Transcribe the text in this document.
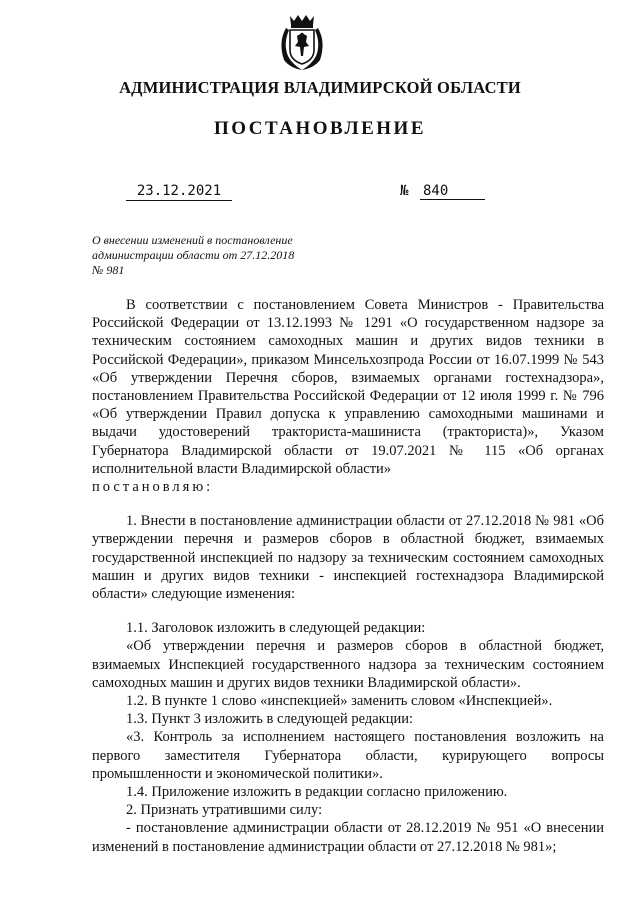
АДМИНИСТРАЦИЯ ВЛАДИМИРСКОЙ ОБЛАСТИ
ПОСТАНОВЛЕНИЕ
23.12.2021	№ 840
О внесении изменений в постановление
администрации области от 27.12.2018
№ 981

В соответствии с постановлением Совета Министров - Правительства Российской Федерации от 13.12.1993 № 1291 «О государственном надзоре за техническим состоянием самоходных машин и других видов техники в Российской Федерации», приказом Минсельхозпрода России от 16.07.1999 № 543 «Об утверждении Перечня сборов, взимаемых органами гостехнадзора», постановлением Правительства Российской Федерации от 12 июля 1999 г. № 796 «Об утверждении Правил допуска к управлению самоходными машинами и выдачи удостоверений тракториста-машиниста (тракториста)», Указом Губернатора Владимирской области от 19.07.2021 № 115 «Об органах исполнительной власти Владимирской области»

постановляю:

1. Внести в постановление администрации области от 27.12.2018 № 981 «Об утверждении перечня и размеров сборов в областной бюджет, взимаемых государственной инспекцией по надзору за техническим состоянием самоходных машин и других видов техники - инспекцией гостехнадзора Владимирской области» следующие изменения:

1.1. Заголовок изложить в следующей редакции:

«Об утверждении перечня и размеров сборов в областной бюджет, взимаемых Инспекцией государственного надзора за техническим состоянием самоходных машин и других видов техники Владимирской области».

1.2. В пункте 1 слово «инспекцией» заменить словом «Инспекцией».

1.3. Пункт 3 изложить в следующей редакции:

«3. Контроль за исполнением настоящего постановления возложить на первого заместителя Губернатора области, курирующего вопросы промышленности и экономической политики».

1.4. Приложение изложить в редакции согласно приложению.

2. Признать утратившими силу:

- постановление администрации области от 28.12.2019 № 951 «О внесении изменений в постановление администрации области от 27.12.2018 № 981»;
